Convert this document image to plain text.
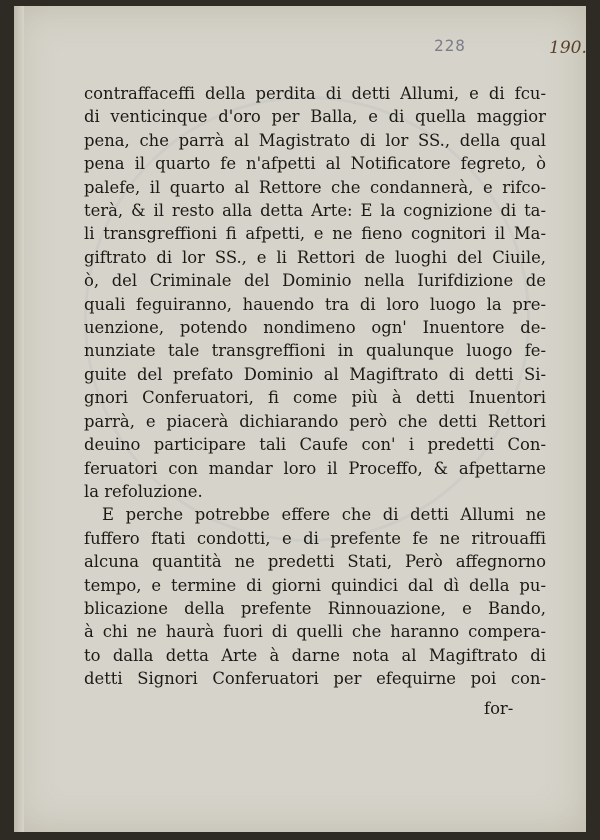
228	190.
contraffaceffi della perdita di detti Allumi, e di fcu-
di venticinque d'oro per Balla, e di quella maggior
pena, che parrà al Magistrato di lor SS., della qual
pena il quarto fe n'afpetti al Notificatore fegreto, ò
palefe, il quarto al Rettore che condannerà, e rifco-
terà, & il resto alla detta Arte: E la cognizione di ta-
li transgreffioni fi afpetti, e ne fieno cognitori il Ma-
giftrato di lor SS., e li Rettori de luoghi del Ciuile,
ò, del Criminale del Dominio nella Iurifdizione de
quali feguiranno, hauendo tra di loro luogo la pre-
uenzione, potendo nondimeno ogn' Inuentore de-
nunziate tale transgreffioni in qualunque luogo fe-
guite del prefato Dominio al Magiftrato di detti Si-
gnori Conferuatori, fi come più à detti Inuentori
parrà, e piacerà dichiarando però che detti Rettori
deuino participare tali Caufe con' i predetti Con-
feruatori con mandar loro il Proceffo, & afpettarne
la refoluzione.
E perche potrebbe effere che di detti Allumi ne
fuffero ftati condotti, e di prefente fe ne ritrouaffi
alcuna quantità ne predetti Stati, Però affegnorno
tempo, e termine di giorni quindici dal dì della pu-
blicazione della prefente Rinnouazione, e Bando,
à chi ne haurà fuori di quelli che haranno compera-
to dalla detta Arte à darne nota al Magiftrato di
detti Signori Conferuatori per efequirne poi con-
for-
